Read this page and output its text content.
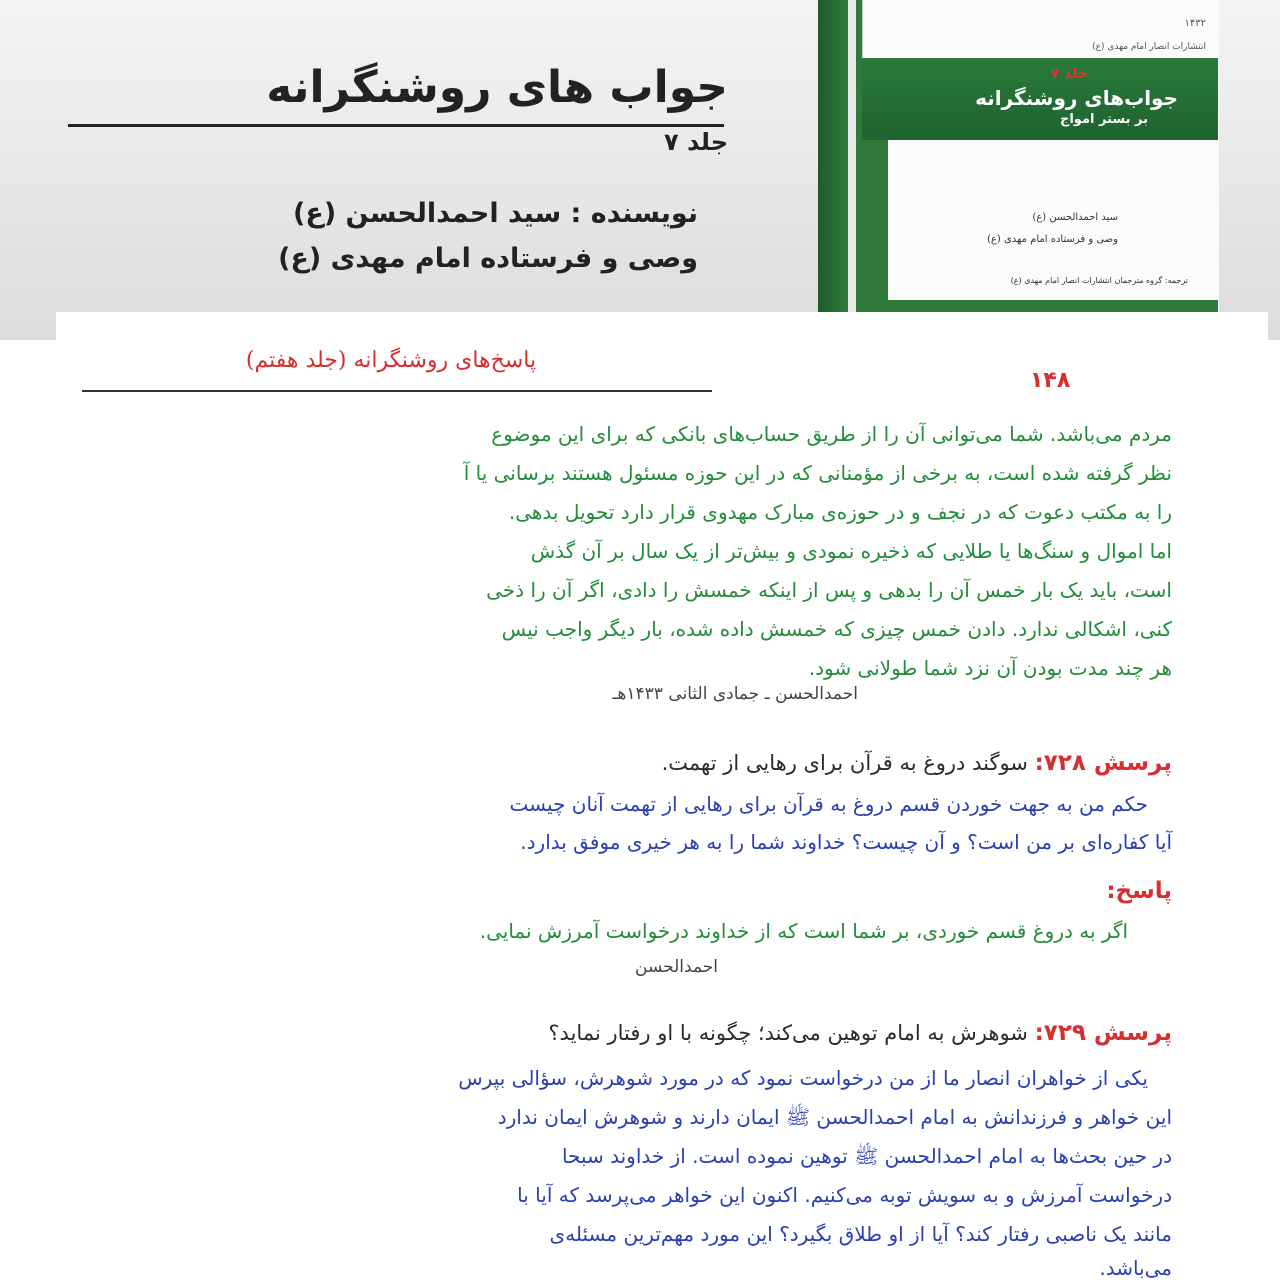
جواب های روشنگرانه
جلد ۷
نویسنده : سید احمدالحسن (ع)
وصی و فرستاده امام مهدی (ع)
۱۴۳۲
انتشارات انصار امام مهدی (ع)
جلد ۷
جواب‌های روشنگرانه
بر بستر امواج
سید احمدالحسن (ع)
وصی و فرستاده امام مهدی (ع)
ترجمه: گروه مترجمان انتشارات انصار امام مهدی (ع)
پاسخ‌های روشنگرانه (جلد هفتم)
۱۴۸
مردم می‌باشد. شما می‌توانی آن را از طریق حساب‌های بانکی که برای این موضوع
نظر گرفته شده است، به برخی از مؤمنانی که در این حوزه مسئول هستند برسانی یا آ
را به مکتب دعوت که در نجف و در حوزه‌ی مبارک مهدوی قرار دارد تحویل بدهی.
اما اموال و سنگ‌ها یا طلایی که ذخیره نمودی و بیش‌تر از یک سال بر آن گذش
است، باید یک بار خمس آن را بدهی و پس از اینکه خمسش را دادی، اگر آن را ذخی
کنی، اشکالی ندارد. دادن خمس چیزی که خمسش داده شده، بار دیگر واجب نیس
هر چند مدت بودن آن نزد شما طولانی شود.
احمدالحسن ـ جمادی الثانی ۱۴۳۳هـ
پرسش ۷۲۸: سوگند دروغ به قرآن برای رهایی از تهمت.
حکم من به جهت خوردن قسم دروغ به قرآن برای رهایی از تهمت آنان چیست
آیا کفاره‌ای بر من است؟ و آن چیست؟ خداوند شما را به هر خیری موفق بدارد.
پاسخ:
اگر به دروغ قسم خوردی، بر شما است که از خداوند درخواست آمرزش نمایی.
احمدالحسن
پرسش ۷۲۹: شوهرش به امام توهین می‌کند؛ چگونه با او رفتار نماید؟
یکی از خواهران انصار ما از من درخواست نمود که در مورد شوهرش، سؤالی بپرس
این خواهر و فرزندانش به امام احمدالحسن ﷺ ایمان دارند و شوهرش ایمان ندارد
در حین بحث‌ها به امام احمدالحسن ﷺ توهین نموده است. از خداوند سبحا
درخواست آمرزش و به سویش توبه می‌کنیم. اکنون این خواهر می‌پرسد که آیا با
مانند یک ناصبی رفتار کند؟ آیا از او طلاق بگیرد؟ این مورد مهم‌ترین مسئله‌ی
می‌باشد.
